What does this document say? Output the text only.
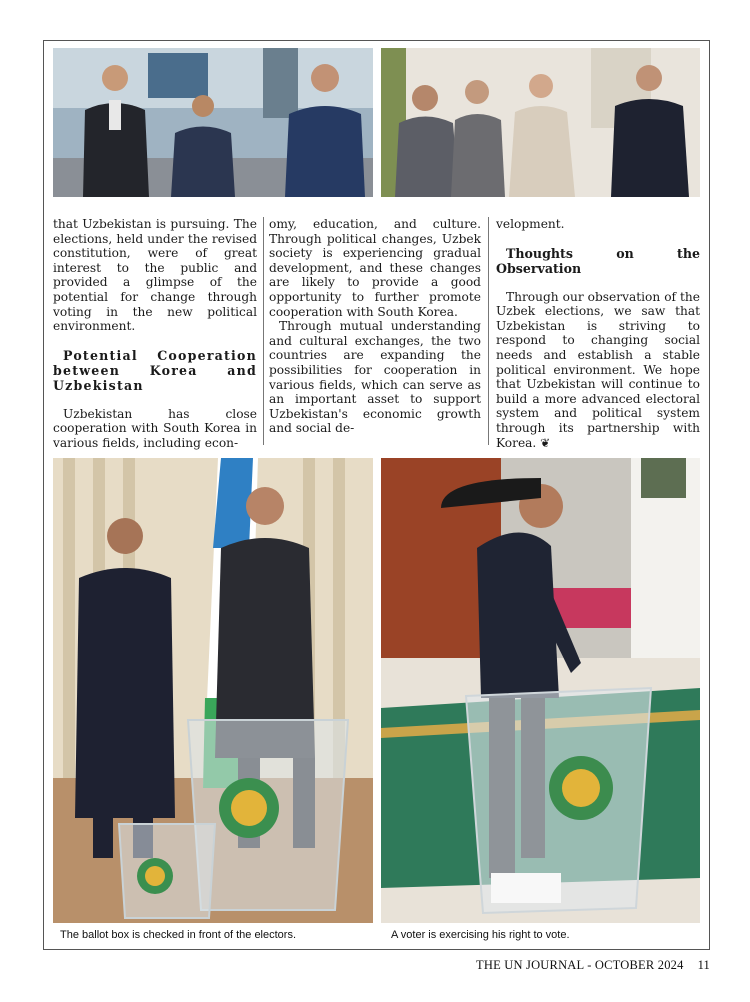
that Uzbekistan is pursuing. The elections, held under the revised constitution, were of great interest to the public and provided a glimpse of the potential for change through voting in the new political environment.

Potential Cooperation between Korea and Uzbekistan

Uzbekistan has close cooperation with South Korea in various fields, including econ-

omy, education, and culture. Through political changes, Uzbek society is experiencing gradual development, and these changes are likely to provide a good opportunity to further promote cooperation with South Korea.

Through mutual understanding and cultural exchanges, the two countries are expanding the possibilities for cooperation in various fields, which can serve as an important asset to support Uzbekistan's economic growth and social de-

velopment.

Thoughts on the Observation

Through our observation of the Uzbek elections, we saw that Uzbekistan is striving to respond to changing social needs and establish a stable political environment. We hope that Uzbekistan will continue to build a more advanced electoral system and political system through its partnership with Korea. ❦

The ballot box is checked in front of the electors.	A voter is exercising his right to vote.
THE UN JOURNAL - OCTOBER 2024 11
